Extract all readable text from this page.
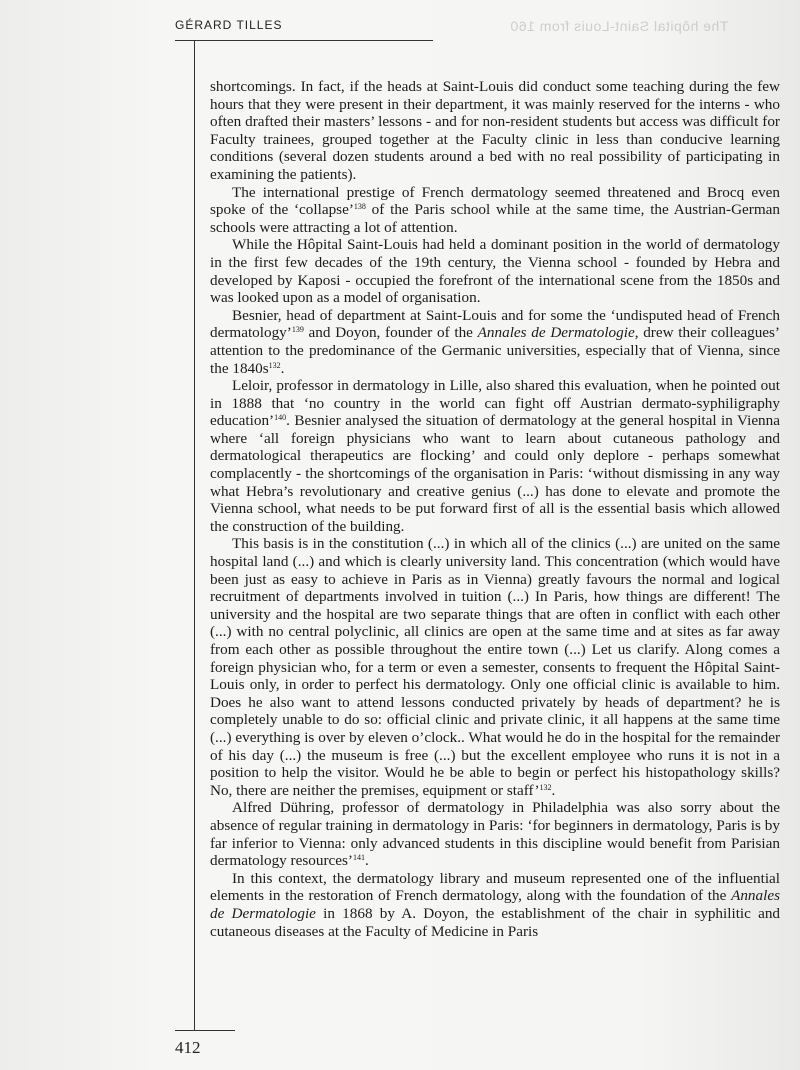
GÉRARD TILLES	The hôpital Saint-Louis from 160

shortcomings. In fact, if the heads at Saint-Louis did conduct some teaching during the few hours that they were present in their department, it was mainly reserved for the interns - who often drafted their masters’ lessons - and for non-resident students but access was difficult for Faculty trainees, grouped together at the Faculty clinic in less than conducive learning conditions (several dozen students around a bed with no real possibility of participating in examining the patients).

The international prestige of French dermatology seemed threatened and Brocq even spoke of the ‘collapse’$^{138}$ of the Paris school while at the same time, the Austrian-German schools were attracting a lot of attention.

While the Hôpital Saint-Louis had held a dominant position in the world of dermatology in the first few decades of the 19th century, the Vienna school - founded by Hebra and developed by Kaposi - occupied the forefront of the international scene from the 1850s and was looked upon as a model of organisation.

Besnier, head of department at Saint-Louis and for some the ‘undisputed head of French dermatology’$^{139}$ and Doyon, founder of the Annales de Dermatologie, drew their colleagues’ attention to the predominance of the Germanic universities, especially that of Vienna, since the $1840s^{132}$.

Leloir, professor in dermatology in Lille, also shared this evaluation, when he pointed out in 1888 that ‘no country in the world can fight off Austrian dermato-syphiligraphy education’$^{140}$. Besnier analysed the situation of dermatology at the general hospital in Vienna where ‘all foreign physicians who want to learn about cutaneous pathology and dermatological therapeutics are flocking’ and could only deplore - perhaps somewhat complacently - the shortcomings of the organisation in Paris: ‘without dismissing in any way what Hebra’s revolutionary and creative genius (...) has done to elevate and promote the Vienna school, what needs to be put forward first of all is the essential basis which allowed the construction of the building.

This basis is in the constitution (...) in which all of the clinics (...) are united on the same hospital land (...) and which is clearly university land. This concentration (which would have been just as easy to achieve in Paris as in Vienna) greatly favours the normal and logical recruitment of departments involved in tuition (...) In Paris, how things are different! The university and the hospital are two separate things that are often in conflict with each other (...) with no central polyclinic, all clinics are open at the same time and at sites as far away from each other as possible throughout the entire town (...) Let us clarify. Along comes a foreign physician who, for a term or even a semester, consents to frequent the Hôpital Saint-Louis only, in order to perfect his dermatology. Only one official clinic is available to him. Does he also want to attend lessons conducted privately by heads of department? he is completely unable to do so: official clinic and private clinic, it all happens at the same time (...) everything is over by eleven o’clock.. What would he do in the hospital for the remainder of his day (...) the museum is free (...) but the excellent employee who runs it is not in a position to help the visitor. Would he be able to begin or perfect his histopathology skills? No, there are neither the premises, equipment or staff’$^{132}$.

Alfred Dühring, professor of dermatology in Philadelphia was also sorry about the absence of regular training in dermatology in Paris: ‘for beginners in dermatology, Paris is by far inferior to Vienna: only advanced students in this discipline would benefit from Parisian dermatology resources’$^{141}$.

In this context, the dermatology library and museum represented one of the influential elements in the restoration of French dermatology, along with the foundation of the Annales de Dermatologie in 1868 by A. Doyon, the establishment of the chair in syphilitic and cutaneous diseases at the Faculty of Medicine in Paris

412
